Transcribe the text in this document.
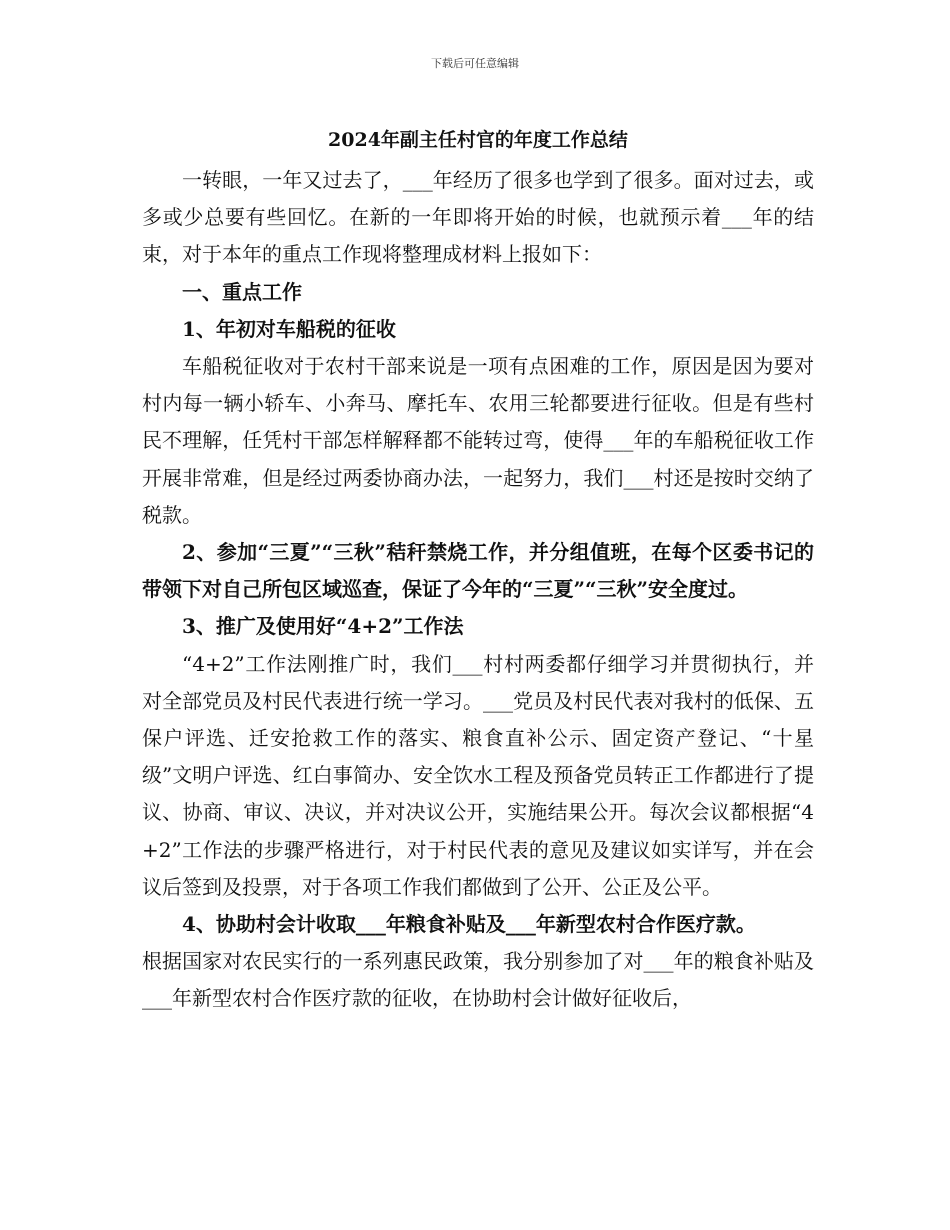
下载后可任意编辑
2024年副主任村官的年度工作总结

一转眼，一年又过去了，___年经历了很多也学到了很多。面对过去，或多或少总要有些回忆。在新的一年即将开始的时候，也就预示着___年的结束，对于本年的重点工作现将整理成材料上报如下：

一、重点工作

1、年初对车船税的征收

车船税征收对于农村干部来说是一项有点困难的工作，原因是因为要对村内每一辆小轿车、小奔马、摩托车、农用三轮都要进行征收。但是有些村民不理解，任凭村干部怎样解释都不能转过弯，使得___年的车船税征收工作开展非常难，但是经过两委协商办法，一起努力，我们___村还是按时交纳了税款。

2、参加“三夏”“三秋”秸秆禁烧工作，并分组值班，在每个区委书记的带领下对自己所包区域巡查，保证了今年的“三夏”“三秋”安全度过。

3、推广及使用好“4+2”工作法

“4+2”工作法刚推广时，我们___村村两委都仔细学习并贯彻执行，并对全部党员及村民代表进行统一学习。___党员及村民代表对我村的低保、五保户评选、迁安抢救工作的落实、粮食直补公示、固定资产登记、“十星级”文明户评选、红白事简办、安全饮水工程及预备党员转正工作都进行了提议、协商、审议、决议，并对决议公开，实施结果公开。每次会议都根据“4+2”工作法的步骤严格进行，对于村民代表的意见及建议如实详写，并在会议后签到及投票，对于各项工作我们都做到了公开、公正及公平。

4、协助村会计收取___年粮食补贴及___年新型农村合作医疗款。

根据国家对农民实行的一系列惠民政策，我分别参加了对___年的粮食补贴及___年新型农村合作医疗款的征收，在协助村会计做好征收后，
